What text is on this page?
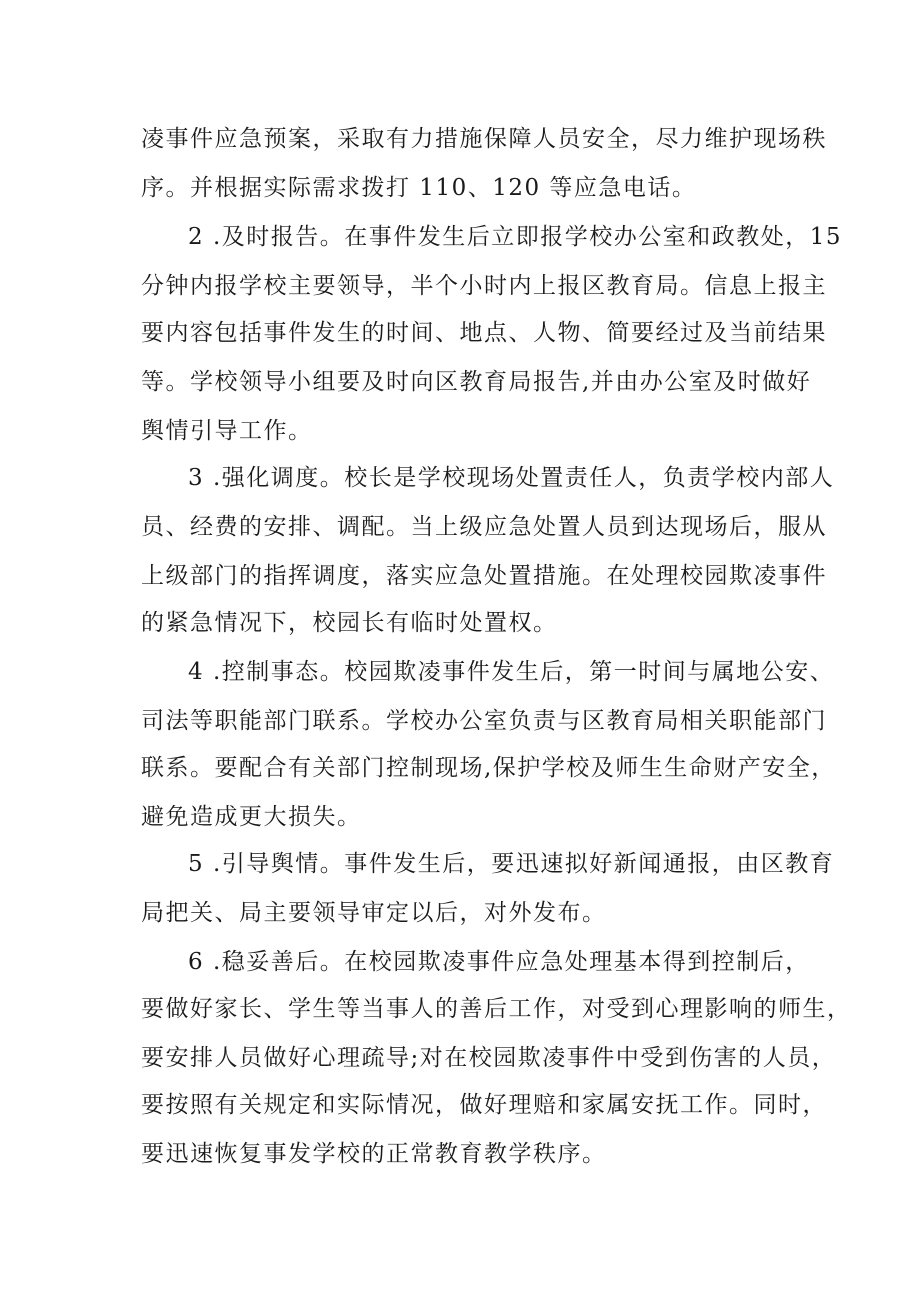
凌事件应急预案，采取有力措施保障人员安全，尽力维护现场秩
序。并根据实际需求拨打 110、120 等应急电话。
2 .及时报告。在事件发生后立即报学校办公室和政教处，15
分钟内报学校主要领导，半个小时内上报区教育局。信息上报主
要内容包括事件发生的时间、地点、人物、简要经过及当前结果
等。学校领导小组要及时向区教育局报告,并由办公室及时做好
舆情引导工作。
3 .强化调度。校长是学校现场处置责任人，负责学校内部人
员、经费的安排、调配。当上级应急处置人员到达现场后，服从
上级部门的指挥调度，落实应急处置措施。在处理校园欺凌事件
的紧急情况下，校园长有临时处置权。
4 .控制事态。校园欺凌事件发生后，第一时间与属地公安、
司法等职能部门联系。学校办公室负责与区教育局相关职能部门
联系。要配合有关部门控制现场,保护学校及师生生命财产安全，
避免造成更大损失。
5 .引导舆情。事件发生后，要迅速拟好新闻通报，由区教育
局把关、局主要领导审定以后，对外发布。
6 .稳妥善后。在校园欺凌事件应急处理基本得到控制后，
要做好家长、学生等当事人的善后工作，对受到心理影响的师生，
要安排人员做好心理疏导;对在校园欺凌事件中受到伤害的人员，
要按照有关规定和实际情况，做好理赔和家属安抚工作。同时，
要迅速恢复事发学校的正常教育教学秩序。
